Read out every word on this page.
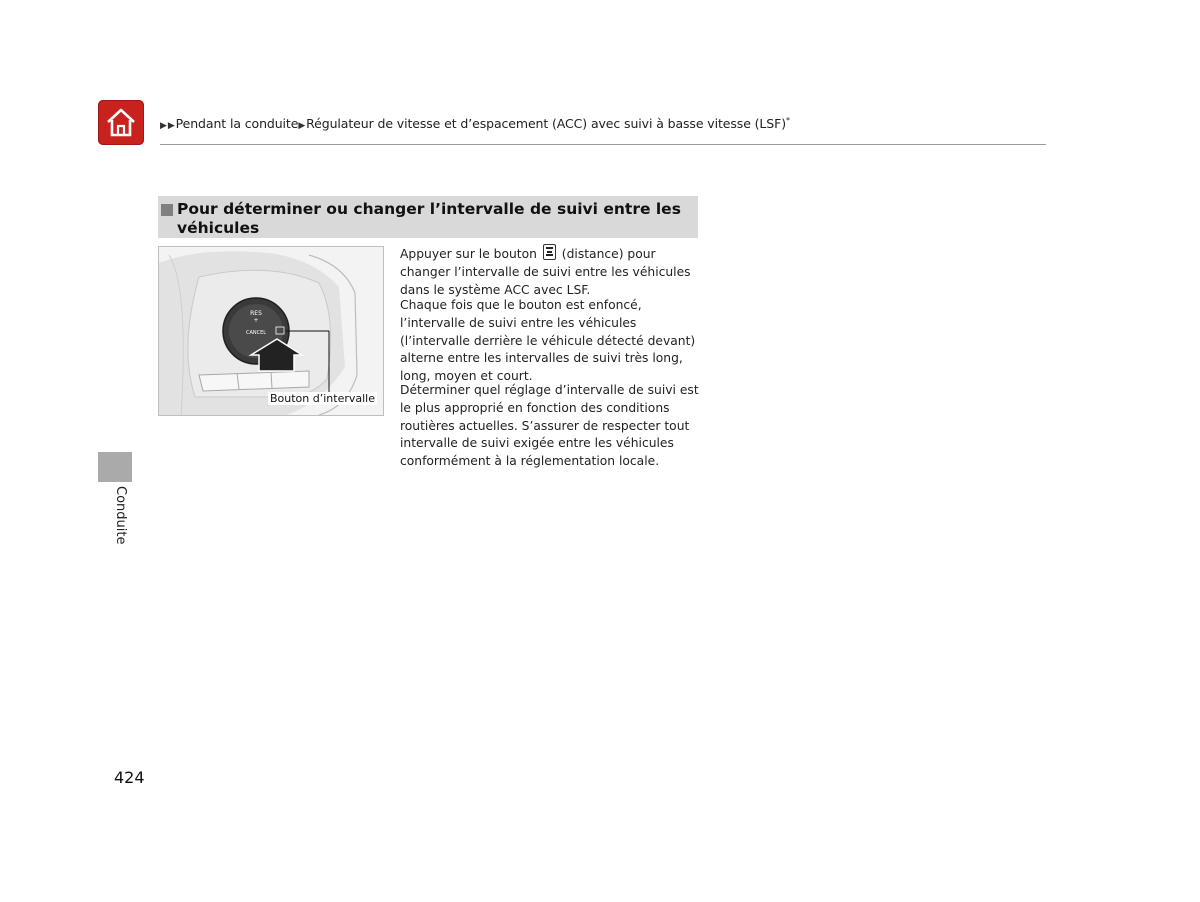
▶▶Pendant la conduite▶Régulateur de vitesse et d’espacement (ACC) avec suivi à basse vitesse (LSF)*
Pour déterminer ou changer l’intervalle de suivi entre les véhicules
RES
+
CANCEL
Bouton d’intervalle
Appuyer sur le bouton (distance) pour changer l’intervalle de suivi entre les véhicules dans le système ACC avec LSF.
Chaque fois que le bouton est enfoncé, l’intervalle de suivi entre les véhicules (l’intervalle derrière le véhicule détecté devant) alterne entre les intervalles de suivi très long, long, moyen et court.
Déterminer quel réglage d’intervalle de suivi est le plus approprié en fonction des conditions routières actuelles. S’assurer de respecter tout intervalle de suivi exigée entre les véhicules conformément à la réglementation locale.
Conduite
424
